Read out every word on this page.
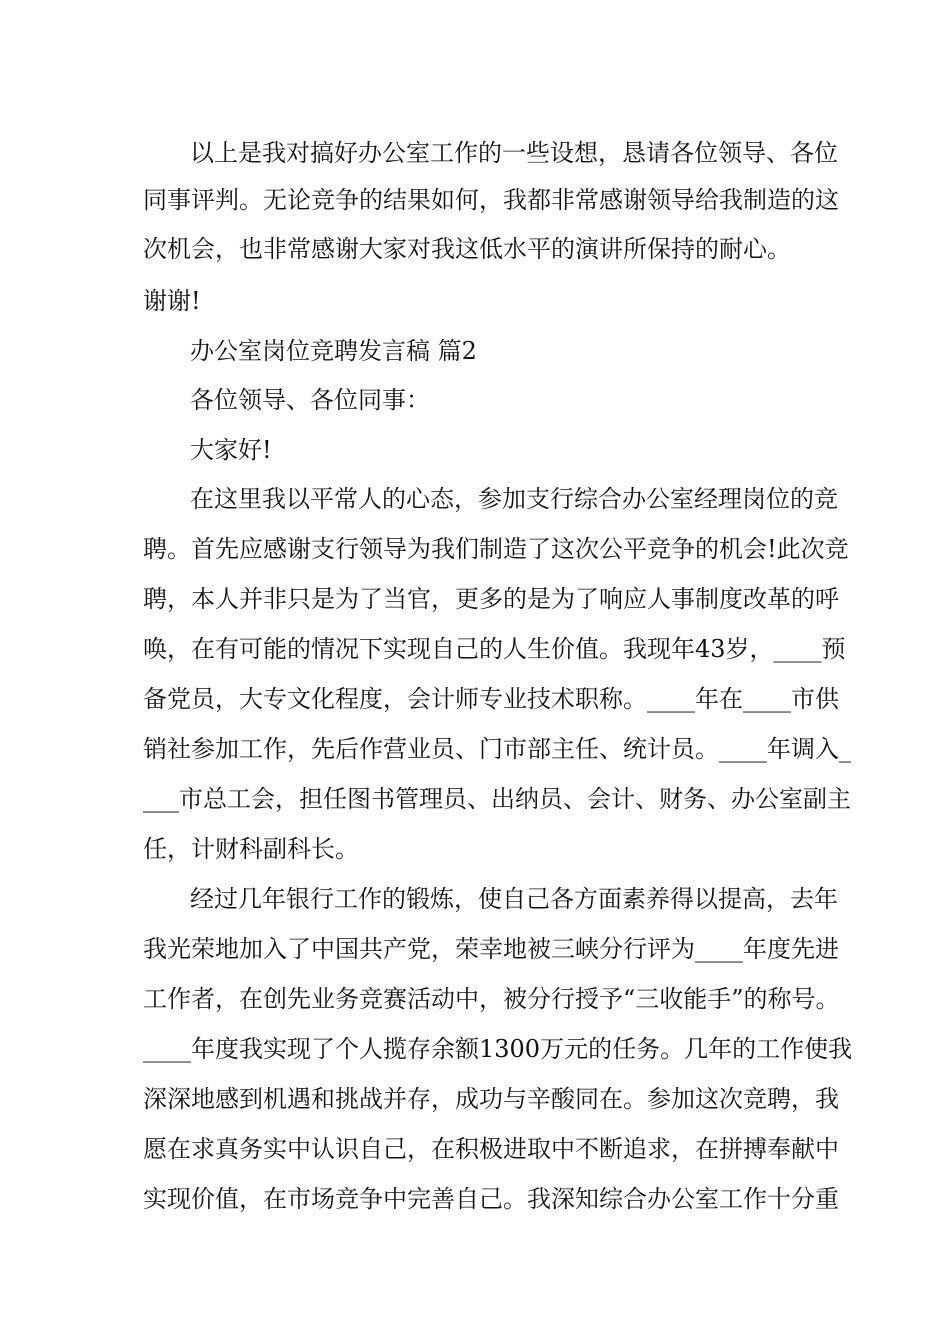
以上是我对搞好办公室工作的一些设想，恳请各位领导、各位
同事评判。无论竞争的结果如何，我都非常感谢领导给我制造的这
次机会，也非常感谢大家对我这低水平的演讲所保持的耐心。
谢谢!
办公室岗位竞聘发言稿 篇2
各位领导、各位同事：
大家好!
在这里我以平常人的心态，参加支行综合办公室经理岗位的竞
聘。首先应感谢支行领导为我们制造了这次公平竞争的机会!此次竞
聘，本人并非只是为了当官，更多的是为了响应人事制度改革的呼
唤，在有可能的情况下实现自己的人生价值。我现年43岁，____预
备党员，大专文化程度，会计师专业技术职称。____年在____市供
销社参加工作，先后作营业员、门市部主任、统计员。____年调入_
___市总工会，担任图书管理员、出纳员、会计、财务、办公室副主
任，计财科副科长。
经过几年银行工作的锻炼，使自己各方面素养得以提高，去年
我光荣地加入了中国共产党，荣幸地被三峡分行评为____年度先进
工作者，在创先业务竞赛活动中，被分行授予“三收能手”的称号。
____年度我实现了个人揽存余额1300万元的任务。几年的工作使我
深深地感到机遇和挑战并存，成功与辛酸同在。参加这次竞聘，我
愿在求真务实中认识自己，在积极进取中不断追求，在拼搏奉献中
实现价值，在市场竞争中完善自己。我深知综合办公室工作十分重
